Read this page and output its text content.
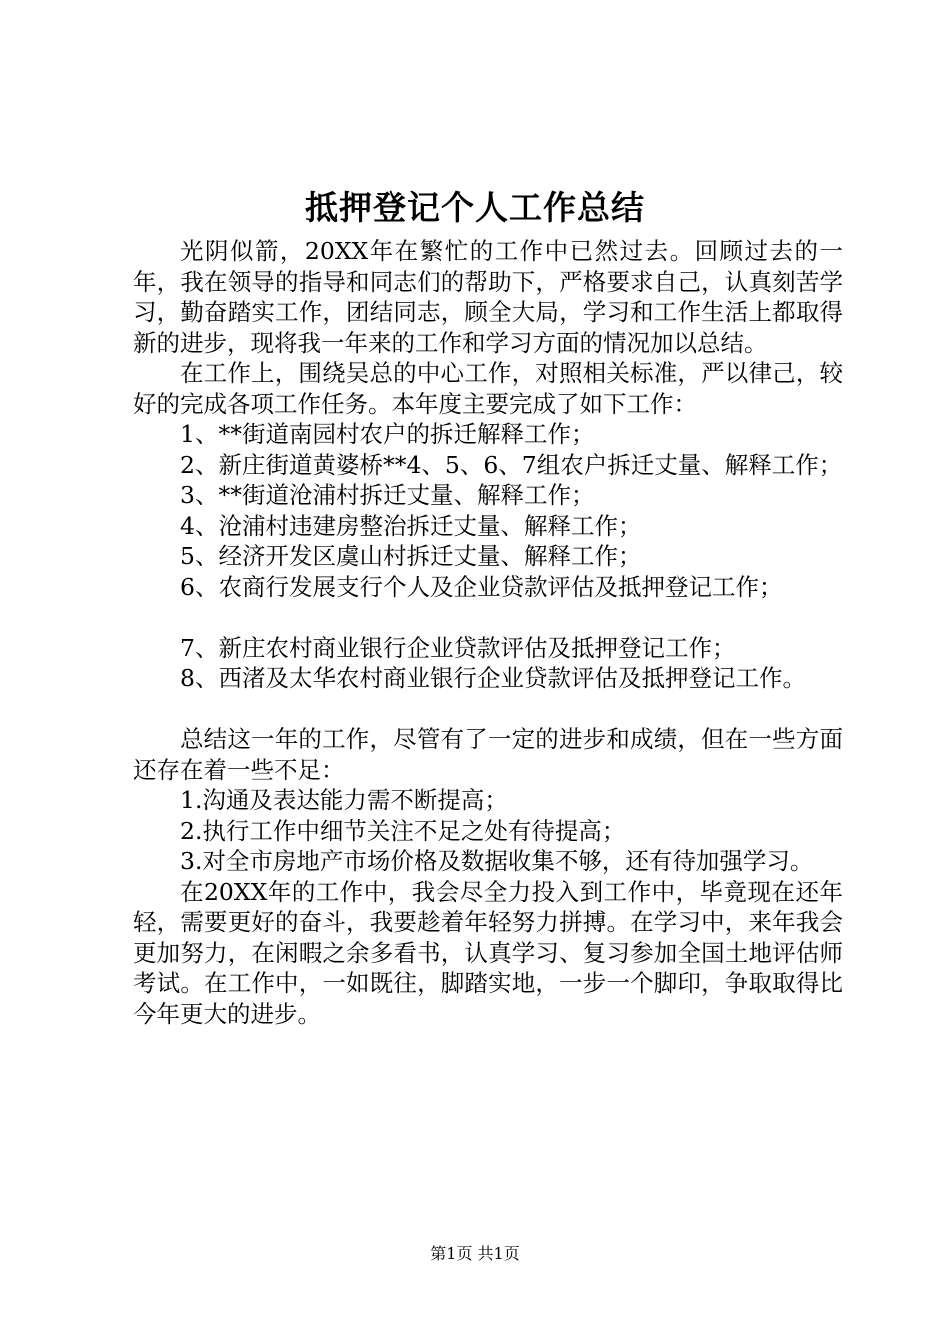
抵押登记个人工作总结

光阴似箭，20XX年在繁忙的工作中已然过去。回顾过去的一年，我在领导的指导和同志们的帮助下，严格要求自己，认真刻苦学习，勤奋踏实工作，团结同志，顾全大局，学习和工作生活上都取得新的进步，现将我一年来的工作和学习方面的情况加以总结。

在工作上，围绕吴总的中心工作，对照相关标准，严以律己，较好的完成各项工作任务。本年度主要完成了如下工作：

1、**街道南园村农户的拆迁解释工作；

2、新庄街道黄婆桥**4、5、6、7组农户拆迁丈量、解释工作；

3、**街道沧浦村拆迁丈量、解释工作；

4、沧浦村违建房整治拆迁丈量、解释工作；

5、经济开发区虞山村拆迁丈量、解释工作；

6、农商行发展支行个人及企业贷款评估及抵押登记工作；

7、新庄农村商业银行企业贷款评估及抵押登记工作；

8、西渚及太华农村商业银行企业贷款评估及抵押登记工作。

总结这一年的工作，尽管有了一定的进步和成绩，但在一些方面还存在着一些不足：

1.沟通及表达能力需不断提高；

2.执行工作中细节关注不足之处有待提高；

3.对全市房地产市场价格及数据收集不够，还有待加强学习。

在20XX年的工作中，我会尽全力投入到工作中，毕竟现在还年轻，需要更好的奋斗，我要趁着年轻努力拼搏。在学习中，来年我会更加努力，在闲暇之余多看书，认真学习、复习参加全国土地评估师考试。在工作中，一如既往，脚踏实地，一步一个脚印，争取取得比今年更大的进步。

第1页 共1页
